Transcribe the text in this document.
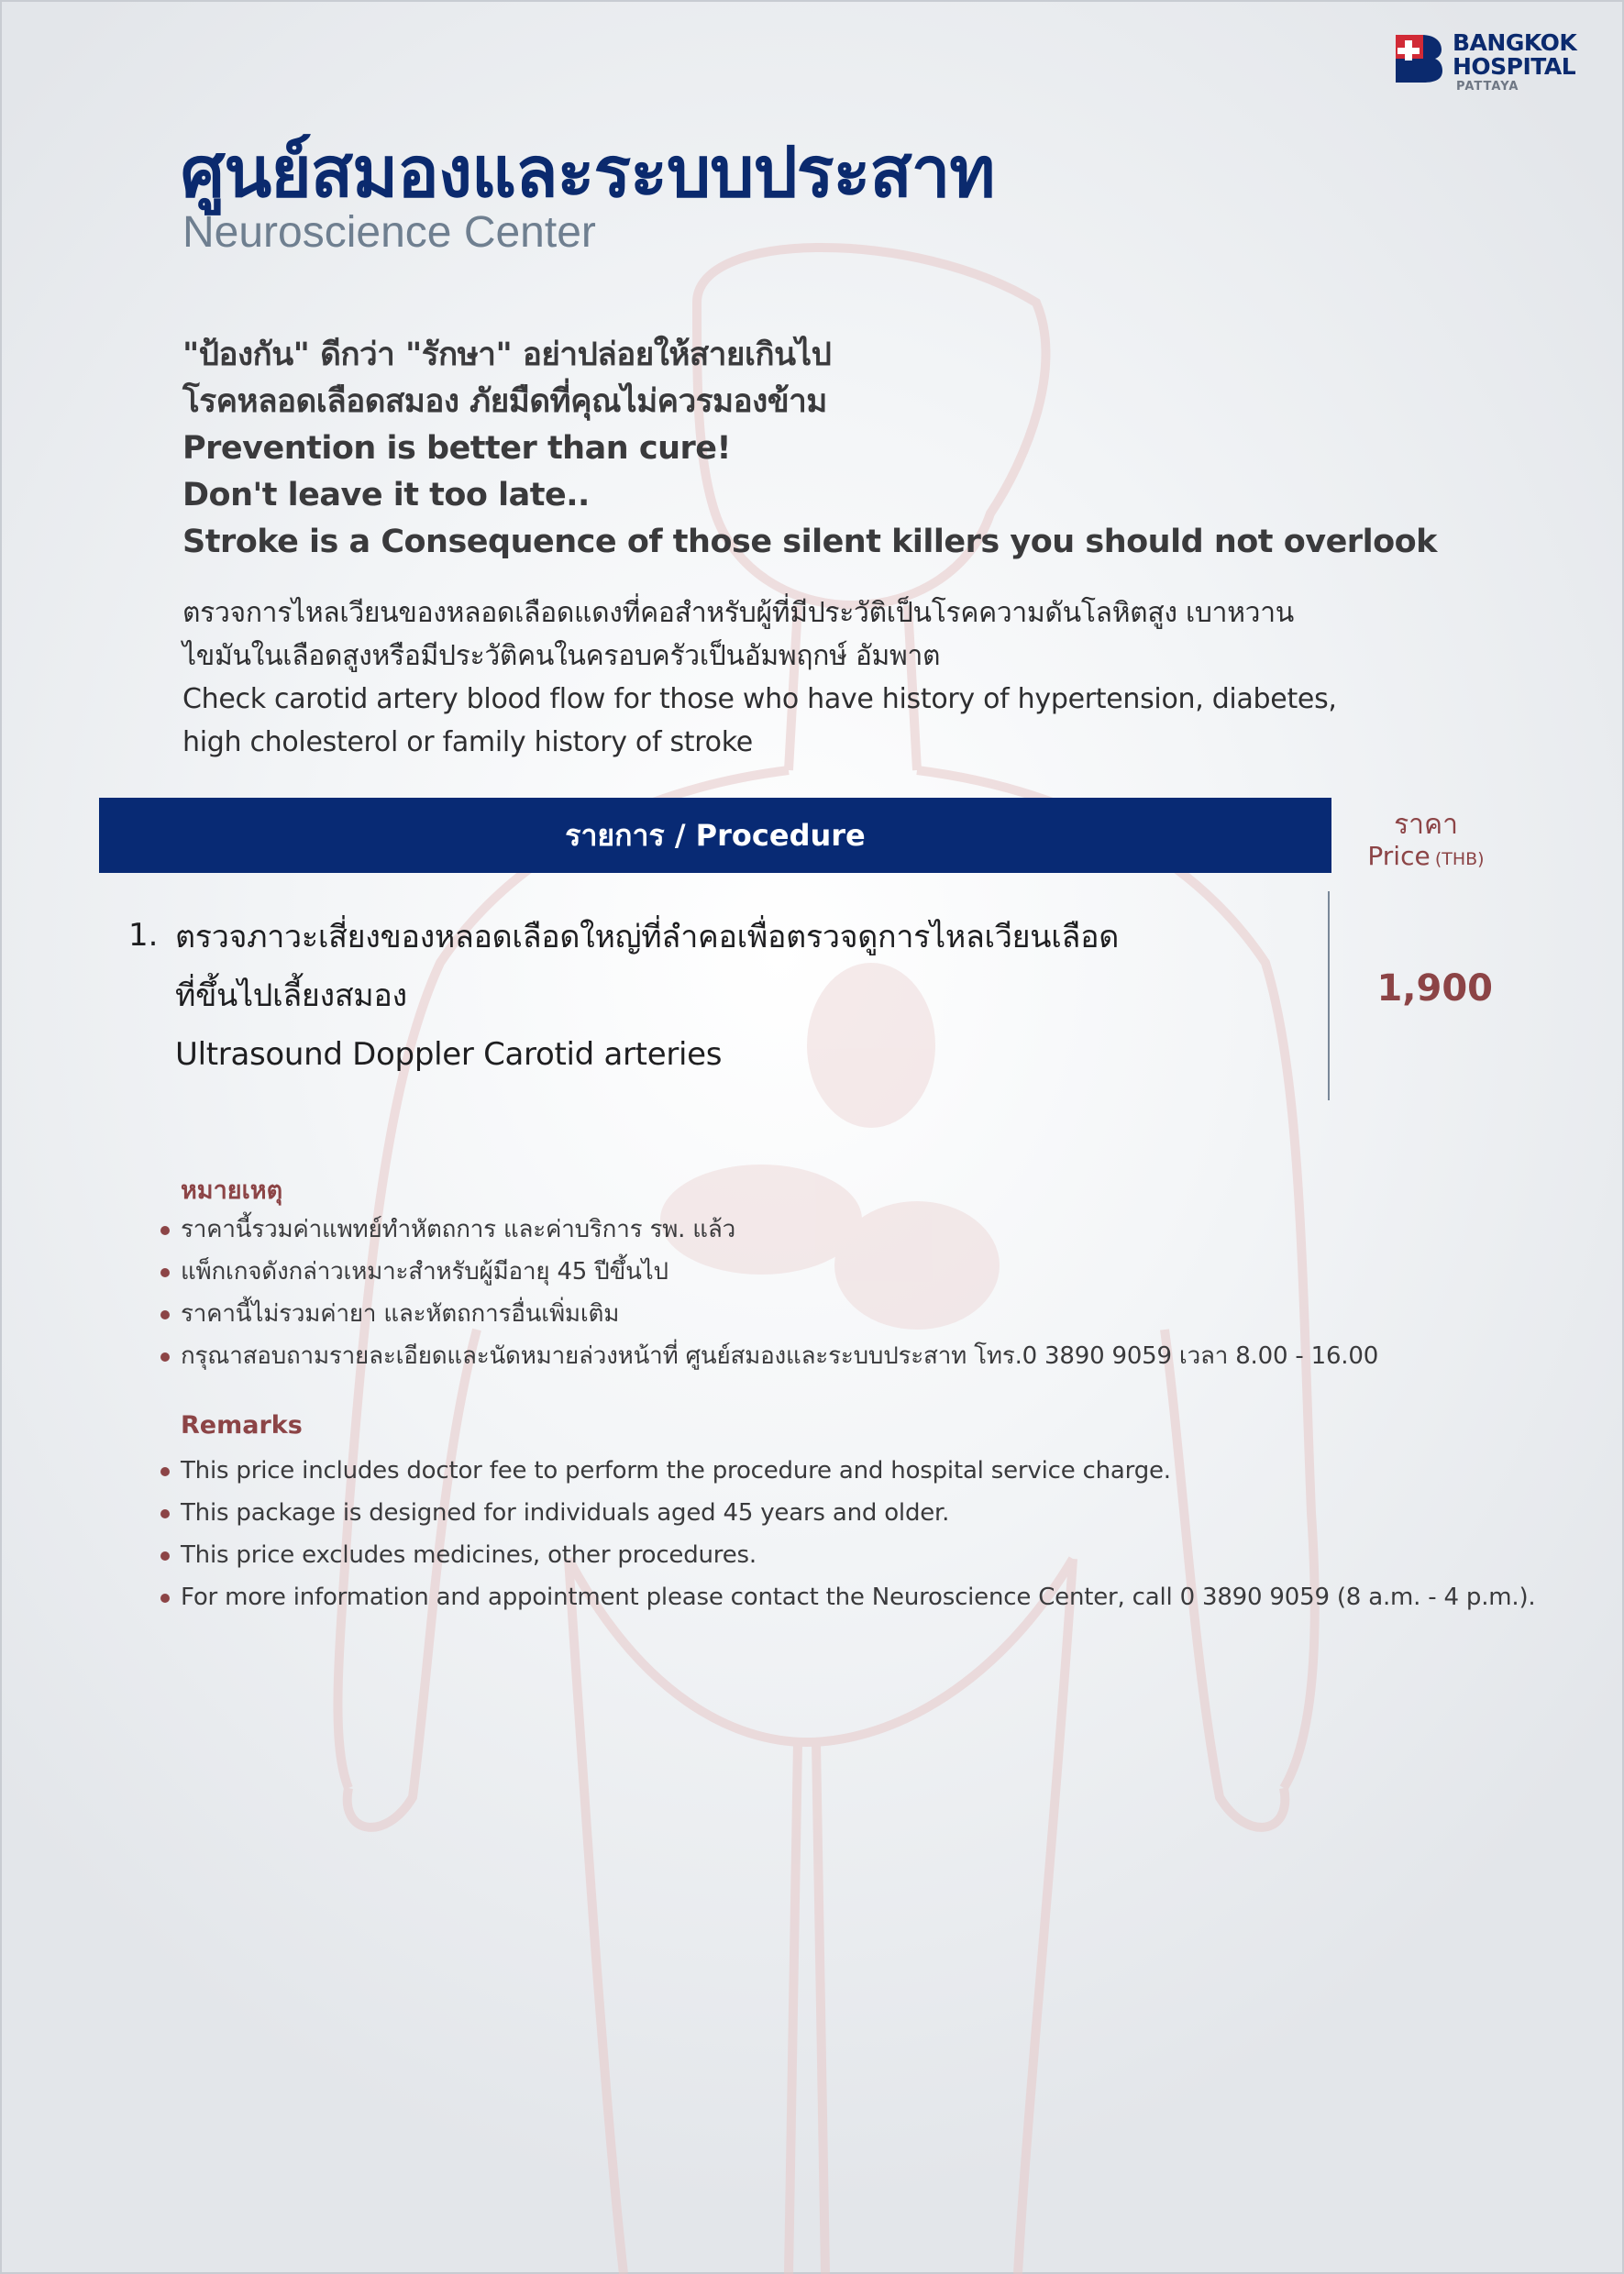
BANGKOK
HOSPITAL
PATTAYA
ศูนย์สมองและระบบประสาท
Neuroscience Center
"ป้องกัน" ดีกว่า "รักษา" อย่าปล่อยให้สายเกินไป
โรคหลอดเลือดสมอง ภัยมืดที่คุณไม่ควรมองข้าม
Prevention is better than cure!
Don't leave it too late..
Stroke is a Consequence of those silent killers you should not overlook
ตรวจการไหลเวียนของหลอดเลือดแดงที่คอสำหรับผู้ที่มีประวัติเป็นโรคความดันโลหิตสูง เบาหวาน
ไขมันในเลือดสูงหรือมีประวัติคนในครอบครัวเป็นอัมพฤกษ์ อัมพาต
Check carotid artery blood flow for those who have history of hypertension, diabetes,
high cholesterol or family history of stroke
รายการ / Procedure	ราคา
Price (THB)
1. ตรวจภาวะเสี่ยงของหลอดเลือดใหญ่ที่ลำคอเพื่อตรวจดูการไหลเวียนเลือด
ที่ขึ้นไปเลี้ยงสมอง
Ultrasound Doppler Carotid arteries
1,900
หมายเหตุ
ราคานี้รวมค่าแพทย์ทำหัตถการ และค่าบริการ รพ. แล้ว
แพ็กเกจดังกล่าวเหมาะสำหรับผู้มีอายุ 45 ปีขึ้นไป
ราคานี้ไม่รวมค่ายา และหัตถการอื่นเพิ่มเติม
กรุณาสอบถามรายละเอียดและนัดหมายล่วงหน้าที่ ศูนย์สมองและระบบประสาท โทร.0 3890 9059 เวลา 8.00 - 16.00
Remarks
This price includes doctor fee to perform the procedure and hospital service charge.
This package is designed for individuals aged 45 years and older.
This price excludes medicines, other procedures.
For more information and appointment please contact the Neuroscience Center, call 0 3890 9059 (8 a.m. - 4 p.m.).
